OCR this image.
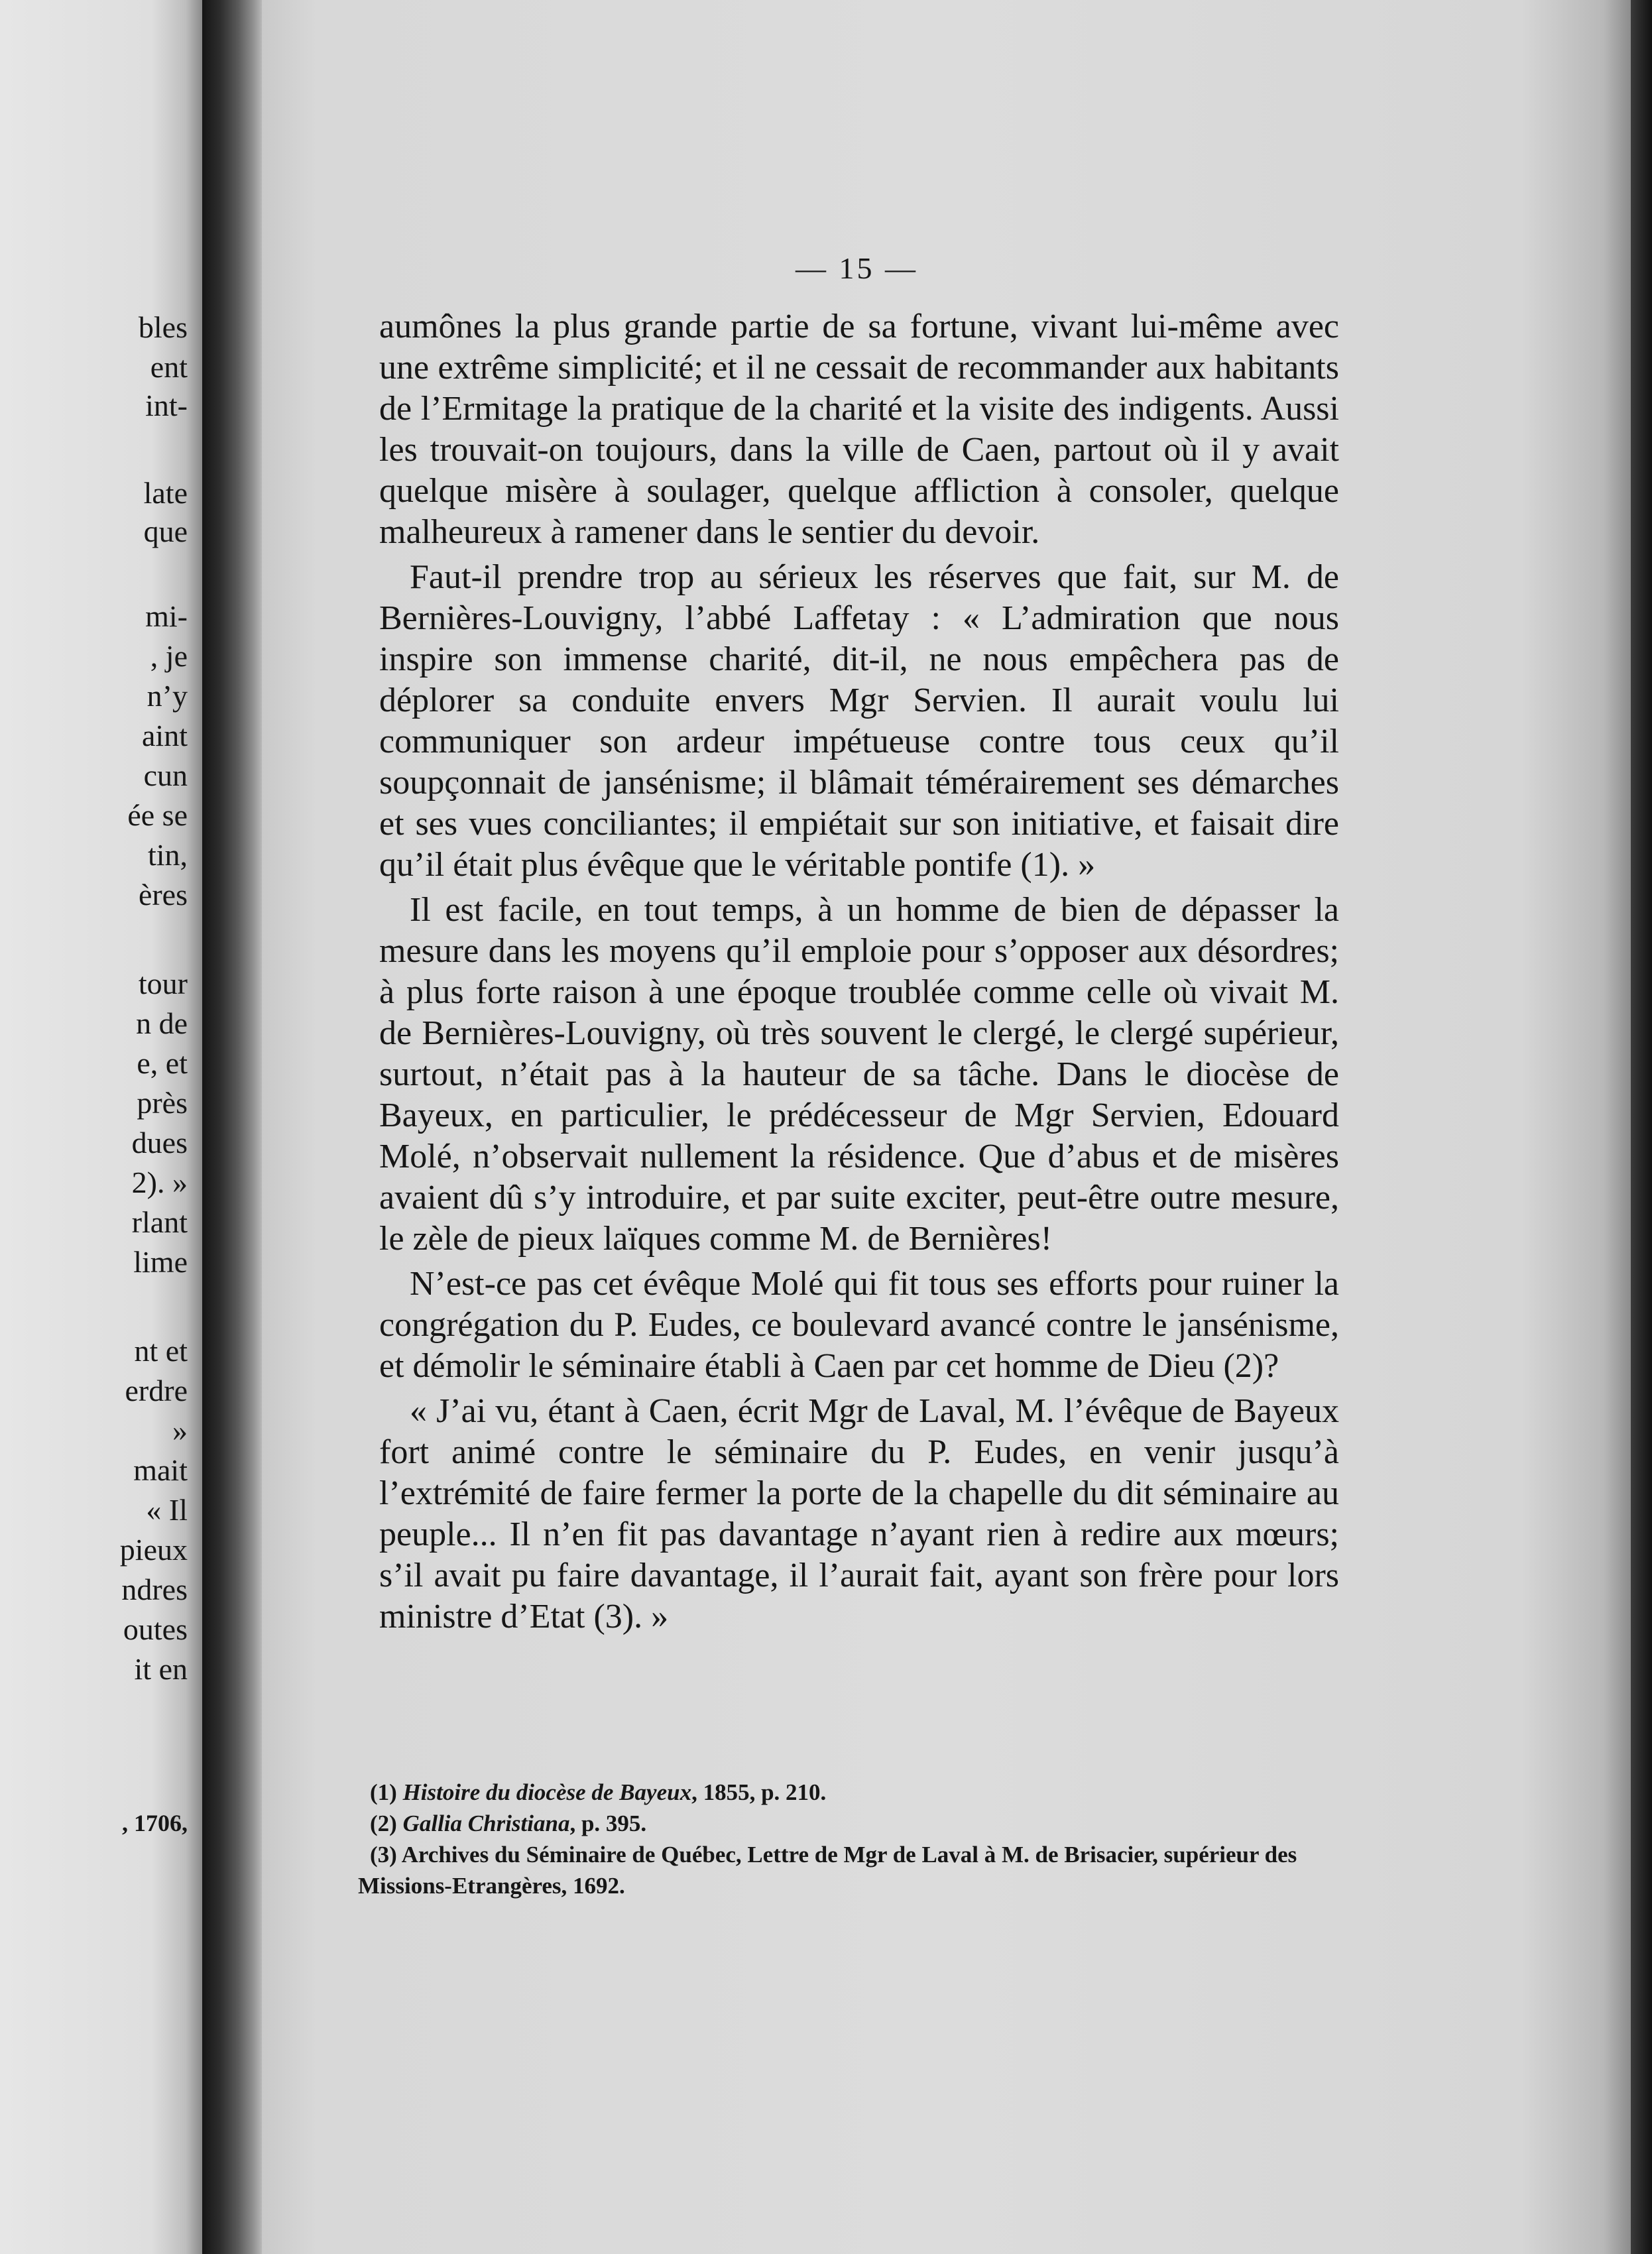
bles
ent
int-
late
que
mi-
, je
n’y
aint
cun
ée se
tin,
ères
tour
n de
e, et
près
dues
2). »
rlant
lime
nt et
erdre
»
mait
« Il
pieux
ndres
outes
it en
, 1706,
— 15 —

aumônes la plus grande partie de sa fortune, vivant lui-même avec une extrême simplicité; et il ne cessait de recommander aux habitants de l’Ermitage la pratique de la charité et la visite des indigents. Aussi les trouvait-on toujours, dans la ville de Caen, partout où il y avait quelque misère à soulager, quelque affliction à consoler, quelque malheureux à ramener dans le sentier du devoir.

Faut-il prendre trop au sérieux les réserves que fait, sur M. de Bernières-Louvigny, l’abbé Laffetay : « L’admiration que nous inspire son immense charité, dit-il, ne nous empêchera pas de déplorer sa conduite envers Mgr Servien. Il aurait voulu lui communiquer son ardeur impétueuse contre tous ceux qu’il soupçonnait de jansénisme; il blâmait témérairement ses démarches et ses vues conciliantes; il empiétait sur son initiative, et faisait dire qu’il était plus évêque que le véritable pontife (1). »

Il est facile, en tout temps, à un homme de bien de dépasser la mesure dans les moyens qu’il emploie pour s’opposer aux désordres; à plus forte raison à une époque troublée comme celle où vivait M. de Bernières-Louvigny, où très souvent le clergé, le clergé supérieur, surtout, n’était pas à la hauteur de sa tâche. Dans le diocèse de Bayeux, en particulier, le prédécesseur de Mgr Servien, Edouard Molé, n’observait nullement la résidence. Que d’abus et de misères avaient dû s’y introduire, et par suite exciter, peut-être outre mesure, le zèle de pieux laïques comme M. de Bernières!

N’est-ce pas cet évêque Molé qui fit tous ses efforts pour ruiner la congrégation du P. Eudes, ce boulevard avancé contre le jansénisme, et démolir le séminaire établi à Caen par cet homme de Dieu (2)?

« J’ai vu, étant à Caen, écrit Mgr de Laval, M. l’évêque de Bayeux fort animé contre le séminaire du P. Eudes, en venir jusqu’à l’extrémité de faire fermer la porte de la chapelle du dit séminaire au peuple... Il n’en fit pas davantage n’ayant rien à redire aux mœurs; s’il avait pu faire davantage, il l’aurait fait, ayant son frère pour lors ministre d’Etat (3). »

(1) Histoire du diocèse de Bayeux, 1855, p. 210.

(2) Gallia Christiana, p. 395.

(3) Archives du Séminaire de Québec, Lettre de Mgr de Laval à M. de Brisacier, supérieur des Missions-Etrangères, 1692.
